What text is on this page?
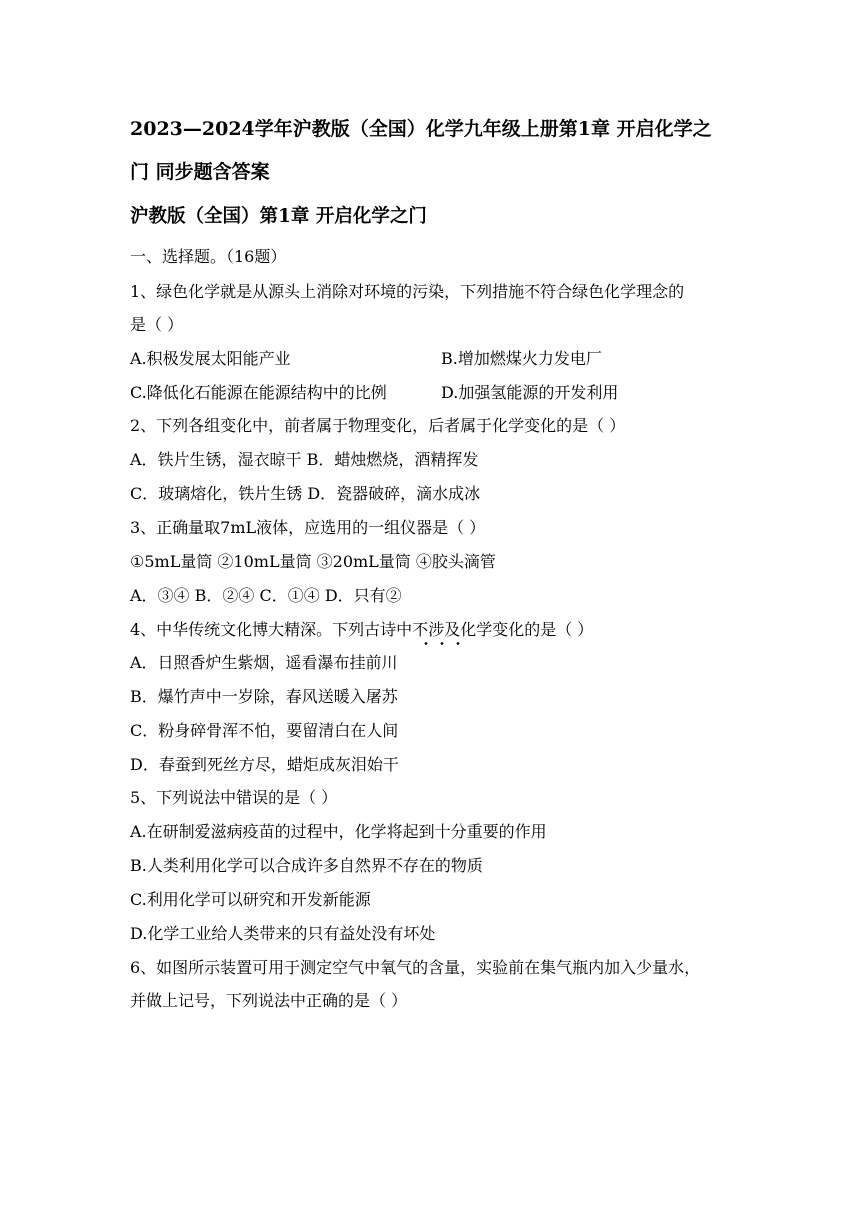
2023—2024学年沪教版（全国）化学九年级上册第1章 开启化学之
门 同步题含答案
沪教版（全国）第1章 开启化学之门
一、选择题。（16题）
1、绿色化学就是从源头上消除对环境的污染，下列措施不符合绿色化学理念的
是（ ）
A.积极发展太阳能产业	B.增加燃煤火力发电厂
C.降低化石能源在能源结构中的比例	D.加强氢能源的开发利用
2、下列各组变化中，前者属于物理变化，后者属于化学变化的是（ ）
A．铁片生锈，湿衣晾干 B．蜡烛燃烧，酒精挥发
C．玻璃熔化，铁片生锈 D．瓷器破碎，滴水成冰
3、正确量取7mL液体，应选用的一组仪器是（ ）
①5mL量筒 ②10mL量筒 ③20mL量筒 ④胶头滴管
A．③④ B．②④ C．①④ D．只有②
4、中华传统文化博大精深。下列古诗中不涉及化学变化的是（ ）
A．日照香炉生紫烟，遥看瀑布挂前川
B．爆竹声中一岁除，春风送暖入屠苏
C．粉身碎骨浑不怕，要留清白在人间
D．春蚕到死丝方尽，蜡炬成灰泪始干
5、下列说法中错误的是（ ）
A.在研制爱滋病疫苗的过程中，化学将起到十分重要的作用
B.人类利用化学可以合成许多自然界不存在的物质
C.利用化学可以研究和开发新能源
D.化学工业给人类带来的只有益处没有坏处
6、如图所示装置可用于测定空气中氧气的含量，实验前在集气瓶内加入少量水，
并做上记号，下列说法中正确的是（ ）
